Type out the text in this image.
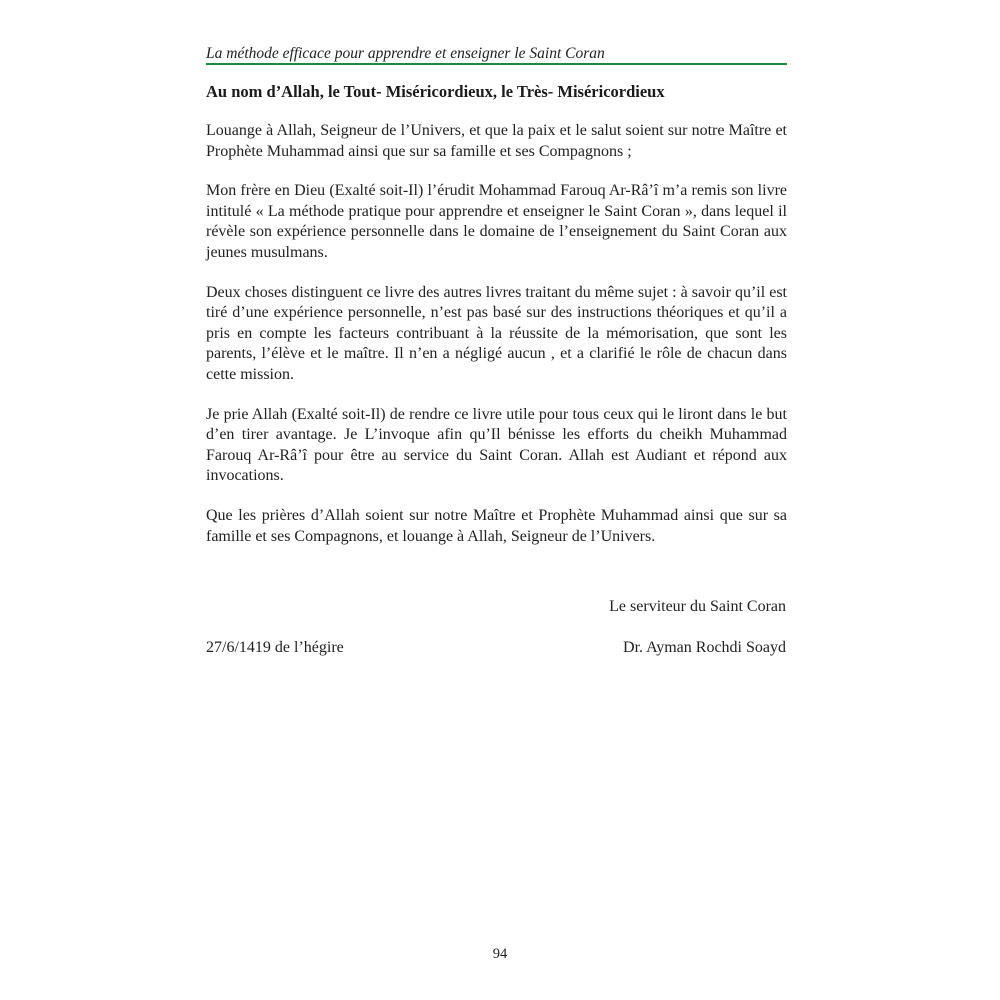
La méthode efficace pour apprendre et enseigner le Saint Coran
Au nom d’Allah, le Tout- Miséricordieux, le Très- Miséricordieux

Louange à Allah, Seigneur de l’Univers, et que la paix et le salut soient sur notre Maître et Prophète Muhammad ainsi que sur sa famille et ses Compagnons ;

Mon frère en Dieu (Exalté soit-Il) l’érudit Mohammad Farouq Ar-Râ’î m’a remis son livre intitulé « La méthode pratique pour apprendre et enseigner le Saint Coran », dans lequel il révèle son expérience personnelle dans le domaine de l’enseignement du Saint Coran aux jeunes musulmans.

Deux choses distinguent ce livre des autres livres traitant du même sujet : à savoir qu’il est tiré d’une expérience personnelle, n’est pas basé sur des instructions théoriques et qu’il a pris en compte les facteurs contribuant à la réussite de la mémorisation, que sont les parents, l’élève et le maître. Il n’en a négligé aucun , et a clarifié le rôle de chacun dans cette mission.

Je prie Allah (Exalté soit-Il) de rendre ce livre utile pour tous ceux qui le liront dans le but d’en tirer avantage. Je L’invoque afin qu’Il bénisse les efforts du cheikh Muhammad Farouq Ar-Râ’î pour être au service du Saint Coran. Allah est Audiant et répond aux invocations.

Que les prières d’Allah soient sur notre Maître et Prophète Muhammad ainsi que sur sa famille et ses Compagnons, et louange à Allah, Seigneur de l’Univers.

Le serviteur du Saint Coran
27/6/1419 de l’hégire	Dr. Ayman Rochdi Soayd
94
